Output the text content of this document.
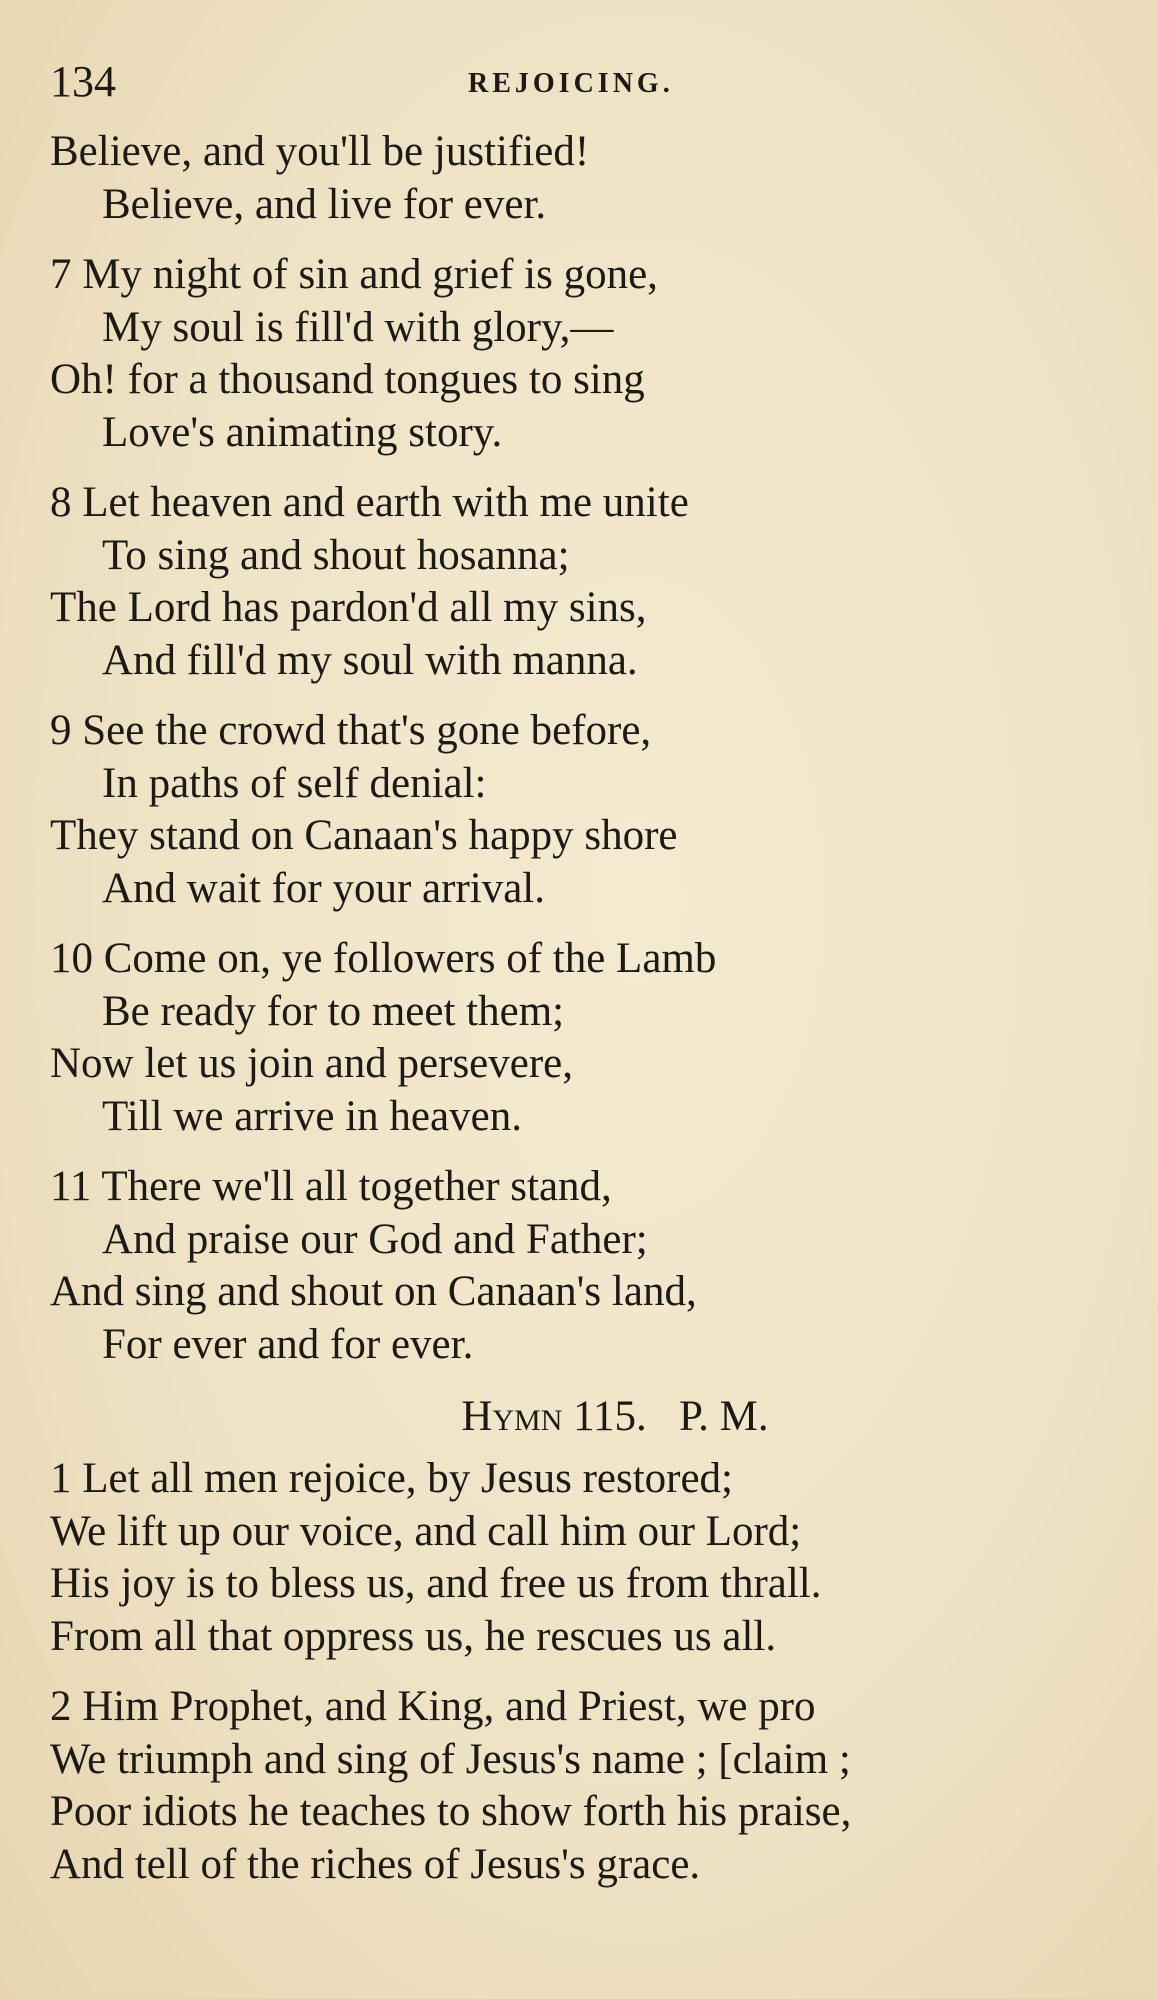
134	REJOICING.
Believe, and you'll be justified!
Believe, and live for ever.
7 My night of sin and grief is gone,
My soul is fill'd with glory,—
Oh! for a thousand tongues to sing
Love's animating story.
8 Let heaven and earth with me unite
To sing and shout hosanna;
The Lord has pardon'd all my sins,
And fill'd my soul with manna.
9 See the crowd that's gone before,
In paths of self denial:
They stand on Canaan's happy shore
And wait for your arrival.
10 Come on, ye followers of the Lamb
Be ready for to meet them;
Now let us join and persevere,
Till we arrive in heaven.
11 There we'll all together stand,
And praise our God and Father;
And sing and shout on Canaan's land,
For ever and for ever.
Hymn 115. P. M.
1 Let all men rejoice, by Jesus restored;
We lift up our voice, and call him our Lord;
His joy is to bless us, and free us from thrall.
From all that oppress us, he rescues us all.
2 Him Prophet, and King, and Priest, we pro
We triumph and sing of Jesus's name ; [claim ;
Poor idiots he teaches to show forth his praise,
And tell of the riches of Jesus's grace.
